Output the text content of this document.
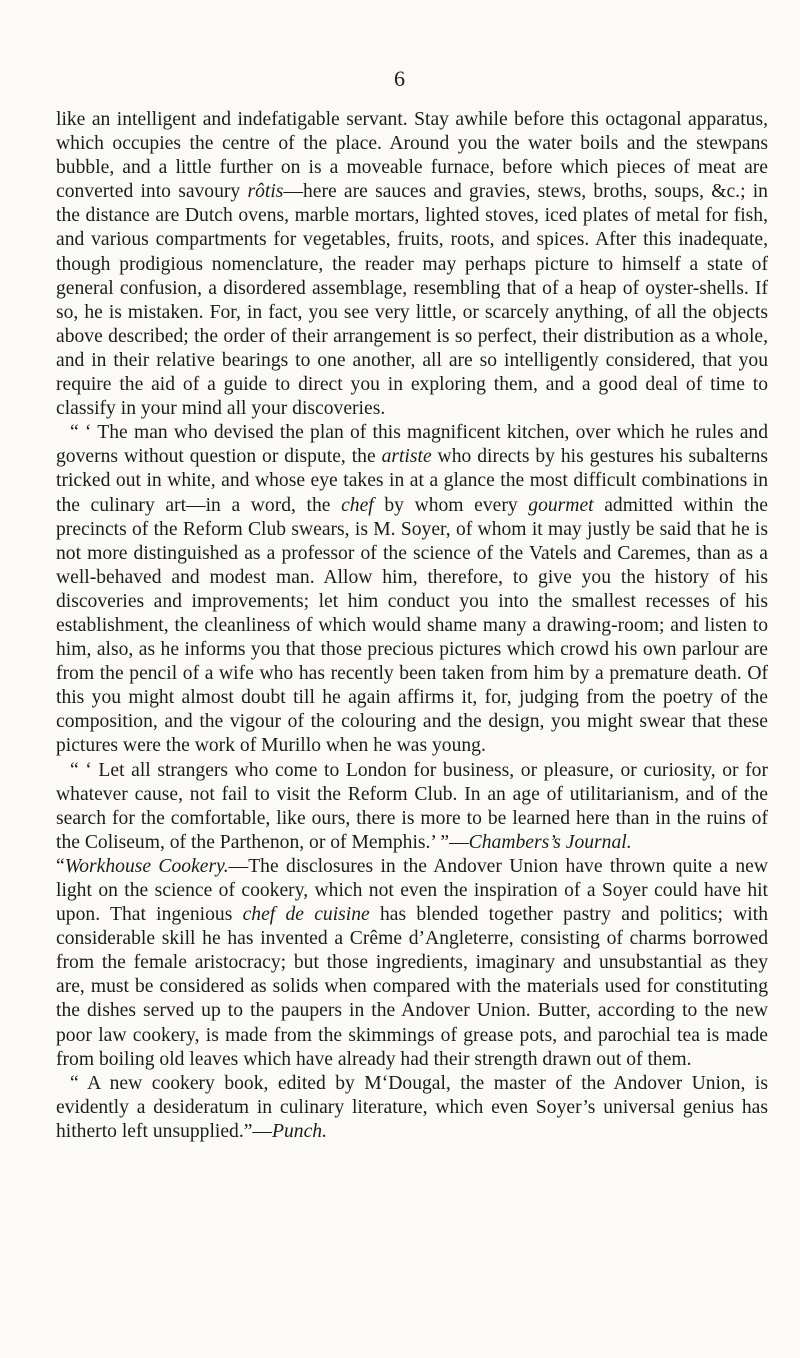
6

like an intelligent and indefatigable servant. Stay awhile before this octagonal apparatus, which occupies the centre of the place. Around you the water boils and the stewpans bubble, and a little further on is a moveable furnace, before which pieces of meat are converted into savoury rôtis—here are sauces and gravies, stews, broths, soups, &c.; in the distance are Dutch ovens, marble mortars, lighted stoves, iced plates of metal for fish, and various compartments for vegetables, fruits, roots, and spices. After this inadequate, though prodigious nomenclature, the reader may perhaps picture to himself a state of general confusion, a disordered assemblage, resembling that of a heap of oyster-shells. If so, he is mistaken. For, in fact, you see very little, or scarcely anything, of all the objects above described; the order of their arrangement is so perfect, their distribution as a whole, and in their relative bearings to one another, all are so intelligently considered, that you require the aid of a guide to direct you in exploring them, and a good deal of time to classify in your mind all your discoveries.

“ ‘ The man who devised the plan of this magnificent kitchen, over which he rules and governs without question or dispute, the artiste who directs by his gestures his subalterns tricked out in white, and whose eye takes in at a glance the most difficult combinations in the culinary art—in a word, the chef by whom every gourmet admitted within the precincts of the Reform Club swears, is M. Soyer, of whom it may justly be said that he is not more distinguished as a professor of the science of the Vatels and Caremes, than as a well-behaved and modest man. Allow him, therefore, to give you the history of his discoveries and improvements; let him conduct you into the smallest recesses of his establishment, the cleanliness of which would shame many a drawing-room; and listen to him, also, as he informs you that those precious pictures which crowd his own parlour are from the pencil of a wife who has recently been taken from him by a premature death. Of this you might almost doubt till he again affirms it, for, judging from the poetry of the composition, and the vigour of the colouring and the design, you might swear that these pictures were the work of Murillo when he was young.

“ ‘ Let all strangers who come to London for business, or pleasure, or curiosity, or for whatever cause, not fail to visit the Reform Club. In an age of utilitarianism, and of the search for the comfortable, like ours, there is more to be learned here than in the ruins of the Coliseum, of the Parthenon, or of Memphis.’ ”—Chambers’s Journal.

“Workhouse Cookery.—The disclosures in the Andover Union have thrown quite a new light on the science of cookery, which not even the inspiration of a Soyer could have hit upon. That ingenious chef de cuisine has blended together pastry and politics; with considerable skill he has invented a Crême d’Angleterre, consisting of charms borrowed from the female aristocracy; but those ingredients, imaginary and unsubstantial as they are, must be considered as solids when compared with the materials used for constituting the dishes served up to the paupers in the Andover Union. Butter, according to the new poor law cookery, is made from the skimmings of grease pots, and parochial tea is made from boiling old leaves which have already had their strength drawn out of them.

“ A new cookery book, edited by M‘Dougal, the master of the Andover Union, is evidently a desideratum in culinary literature, which even Soyer’s universal genius has hitherto left unsupplied.”—Punch.
